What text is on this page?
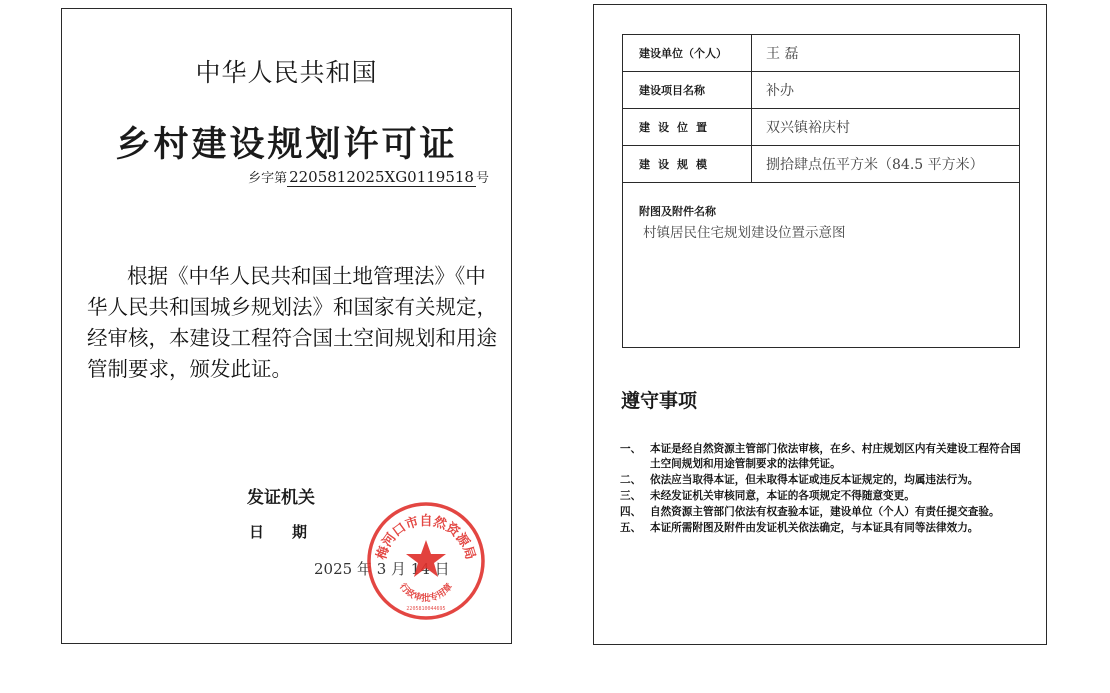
中华人民共和国
乡村建设规划许可证
乡字第 2205812025XG0119518 号
根据《中华人民共和国土地管理法》《中华人民共和国城乡规划法》和国家有关规定，经审核，本建设工程符合国土空间规划和用途管制要求，颁发此证。
发证机关
日期
2025 年 3 月 14 日
梅河口市自然资源局
行政审批专用章
2205810044695
建设单位（个人）	王 磊
建设项目名称	补办
建设位置	双兴镇裕庆村
建设规模	捌拾肆点伍平方米（84.5 平方米）
附图及附件名称
村镇居民住宅规划建设位置示意图
遵守事项
一、 本证是经自然资源主管部门依法审核，在乡、村庄规划区内有关建设工程符合国土空间规划和用途管制要求的法律凭证。
二、 依法应当取得本证，但未取得本证或违反本证规定的，均属违法行为。
三、 未经发证机关审核同意，本证的各项规定不得随意变更。
四、 自然资源主管部门依法有权查验本证，建设单位（个人）有责任提交查验。
五、 本证所需附图及附件由发证机关依法确定，与本证具有同等法律效力。
